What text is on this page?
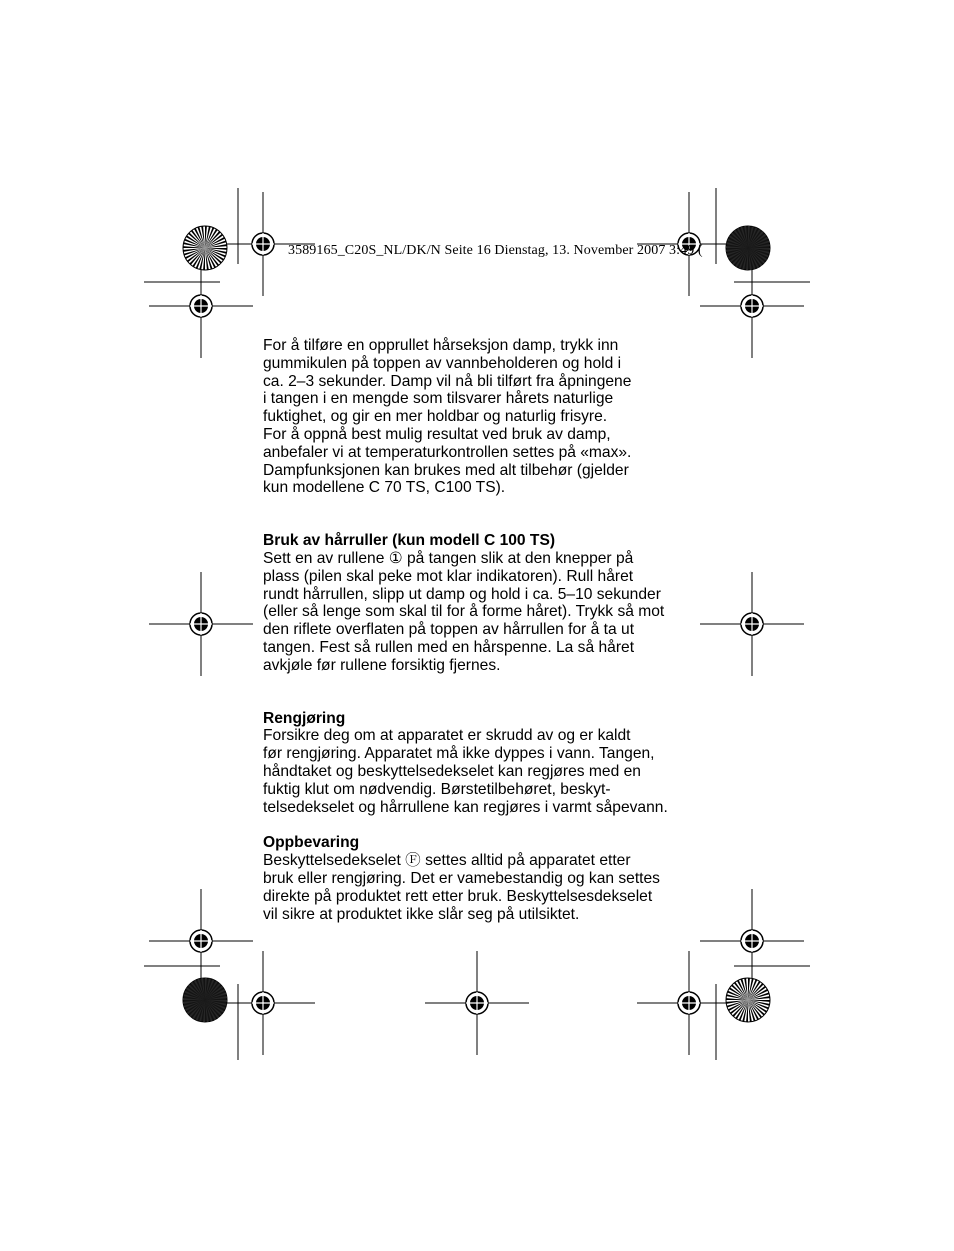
3589165_C20S_NL/DK/N Seite 16 Dienstag, 13. November 2007 3:49 (

For å tilføre en opprullet hårseksjon damp, trykk inn

gummikulen på toppen av vannbeholderen og hold i

ca. 2–3 sekunder. Damp vil nå bli tilført fra åpningene

i tangen i en mengde som tilsvarer hårets naturlige

fuktighet, og gir en mer holdbar og naturlig frisyre.

For å oppnå best mulig resultat ved bruk av damp,

anbefaler vi at temperaturkontrollen settes på «max».

Dampfunksjonen kan brukes med alt tilbehør (gjelder

kun modellene C 70 TS, C100 TS).

Bruk av hårruller (kun modell C 100 TS)

Sett en av rullene ① på tangen slik at den knepper på

plass (pilen skal peke mot klar indikatoren). Rull håret

rundt hårrullen, slipp ut damp og hold i ca. 5–10 sekunder

(eller så lenge som skal til for å forme håret). Trykk så mot

den riflete overflaten på toppen av hårrullen for å ta ut

tangen. Fest så rullen med en hårspenne. La så håret

avkjøle før rullene forsiktig fjernes.

Rengjøring

Forsikre deg om at apparatet er skrudd av og er kaldt

før rengjøring. Apparatet må ikke dyppes i vann. Tangen,

håndtaket og beskyttelsedekselet kan regjøres med en

fuktig klut om nødvendig. Børstetilbehøret, beskyt-

telsedekselet og hårrullene kan regjøres i varmt såpevann.

Oppbevaring

Beskyttelsedekselet Ⓕ settes alltid på apparatet etter

bruk eller rengjøring. Det er vamebestandig og kan settes

direkte på produktet rett etter bruk. Beskyttelsesdekselet

vil sikre at produktet ikke slår seg på utilsiktet.
